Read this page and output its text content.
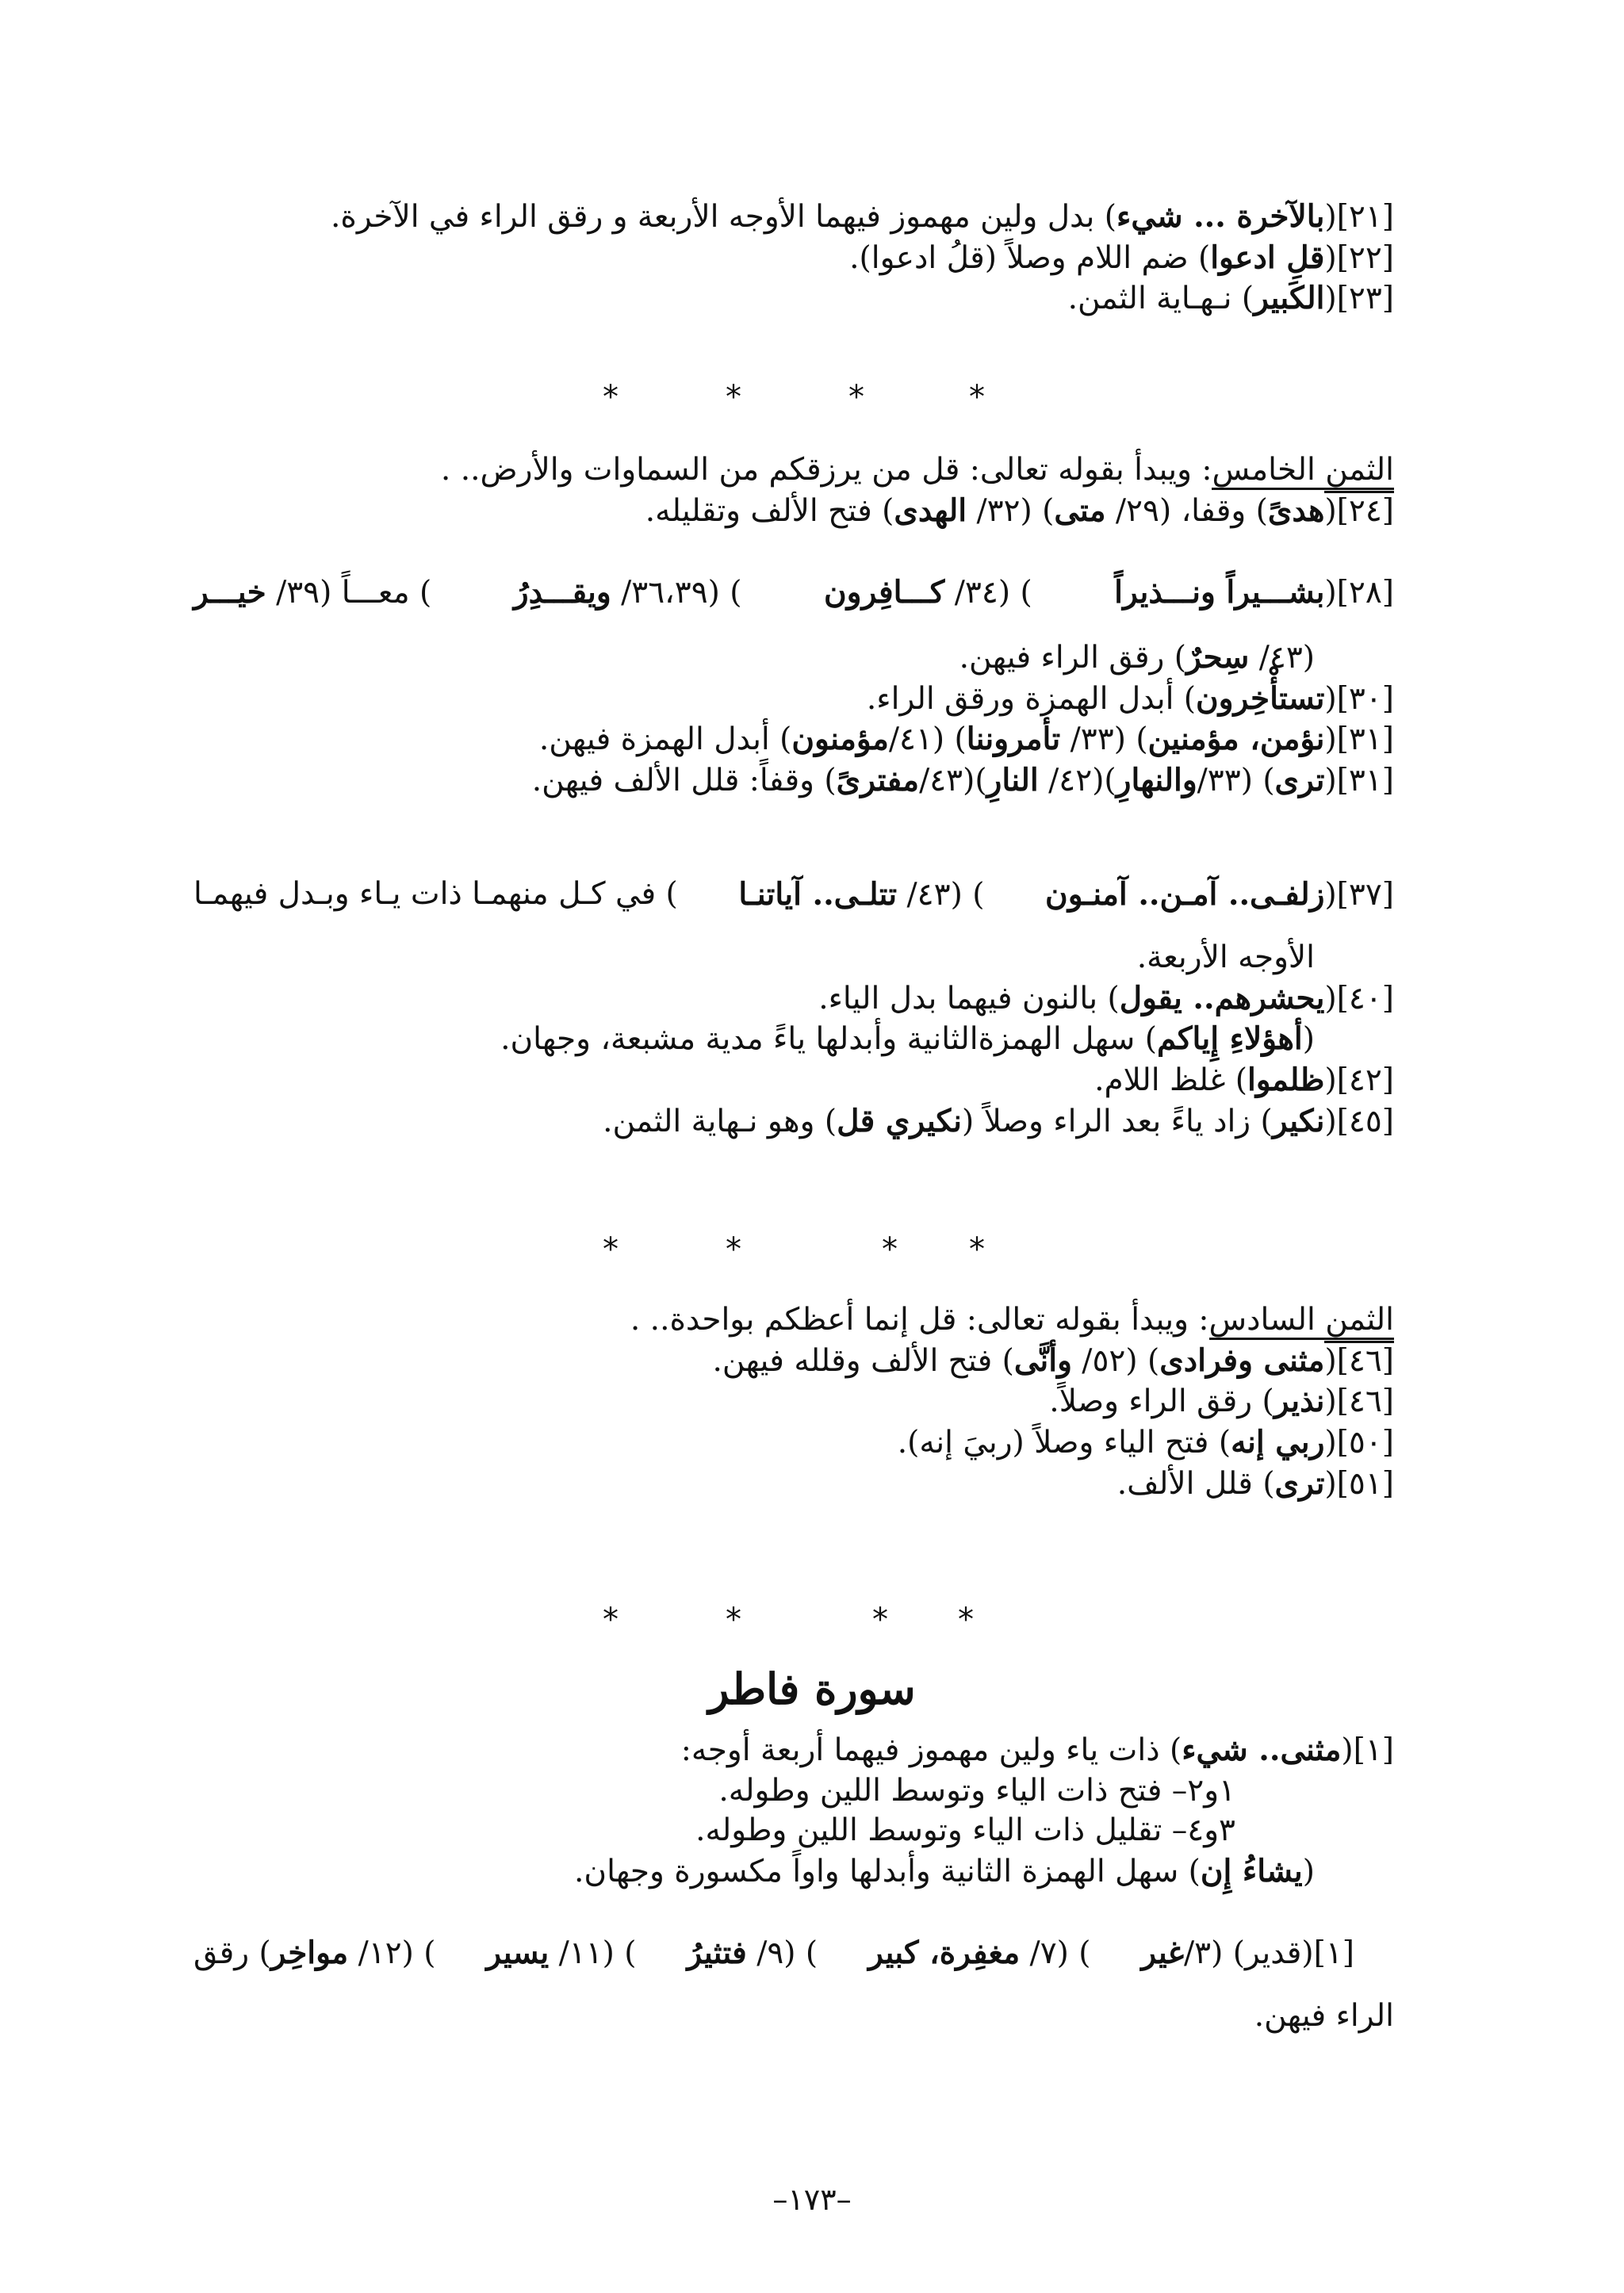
[٢١](بالآخرة ... شيء) بدل ولين مهموز فيهما الأوجه الأربعة و رقق الراء في الآخرة.
[٢٢](قلِ ادعوا) ضم اللام وصلاً (قلُ ادعوا).
[٢٣](الكَبير) نـهـاية الثمن.
*	*	*	*
الثمن الخامس: ويبدأ بقوله تعالى: قل من يرزقكم من السماوات والأرض.. .
[٢٤](هدىً) وقفا، (٢٩/ متى) (٣٢/ الهدى) فتح الألف وتقليله.
[٢٨](بشـــيراً ونـــذيراً
) (٣٤/ كـــافِرون
) (٣٦،٣٩/ ويقـــدِرُ
) معـــاً (٣٩/ خيـــر
(٤٣/ سِحرٌ) رقق الراء فيهن.
[٣٠](تستأْخِرون) أبدل الهمزة ورقق الراء.
[٣١](نؤمن، مؤمنين) (٣٣/ تأمروننا) (٤١/مؤمنون) أبدل الهمزة فيهن.
[٣١](ترى) (٣٣/والنهارِ)(٤٢/ النارِ)(٤٣/مفترىً) وقفاً: قلل الألف فيهن.
[٣٧](زلفـى.. آمـن.. آمنـون
) (٤٣/ تتلـى.. آياتنـا
) في كـل منهمـا ذات يـاء وبـدل فيهمـا
الأوجه الأربعة.
[٤٠](يحشرهم.. يقول) بالنون فيهما بدل الياء.
(أهؤلاءِ إِياكم) سهل الهمزةالثانية وأبدلها ياءً مدية مشبعة، وجهان.
[٤٢](ظلموا) غلظ اللام.
[٤٥](نكير) زاد ياءً بعد الراء وصلاً (نكيري قل) وهو نـهاية الثمن.
*	*	* *
الثمن السادس: ويبدأ بقوله تعالى: قل إنما أعظكم بواحدة.. .
[٤٦](مثنى وفرادى) (٥٢/ وأنَّى) فتح الألف وقلله فيهن.
[٤٦](نذير) رقق الراء وصلاً.
[٥٠](ربي إنه) فتح الياء وصلاً (ربيَ إنه).
[٥١](ترى) قلل الألف.
*	*	* *
سورة فاطر
[١](مثنى.. شيء) ذات ياء ولين مهموز فيهما أربعة أوجه:
١و٢– فتح ذات الياء وتوسط اللين وطوله.
٣و٤– تقليل ذات الياء وتوسط اللين وطوله.
(يشاءُ إِن) سهل الهمزة الثانية وأبدلها واواً مكسورة وجهان.
[١](قدير) (٣/غير
) (٧/ مغفِرة، كبير
) (٩/ فتثيرُ
) (١١/ يسير
) (١٢/ مواخِر) رقق
الراء فيهن.
–١٧٣–
